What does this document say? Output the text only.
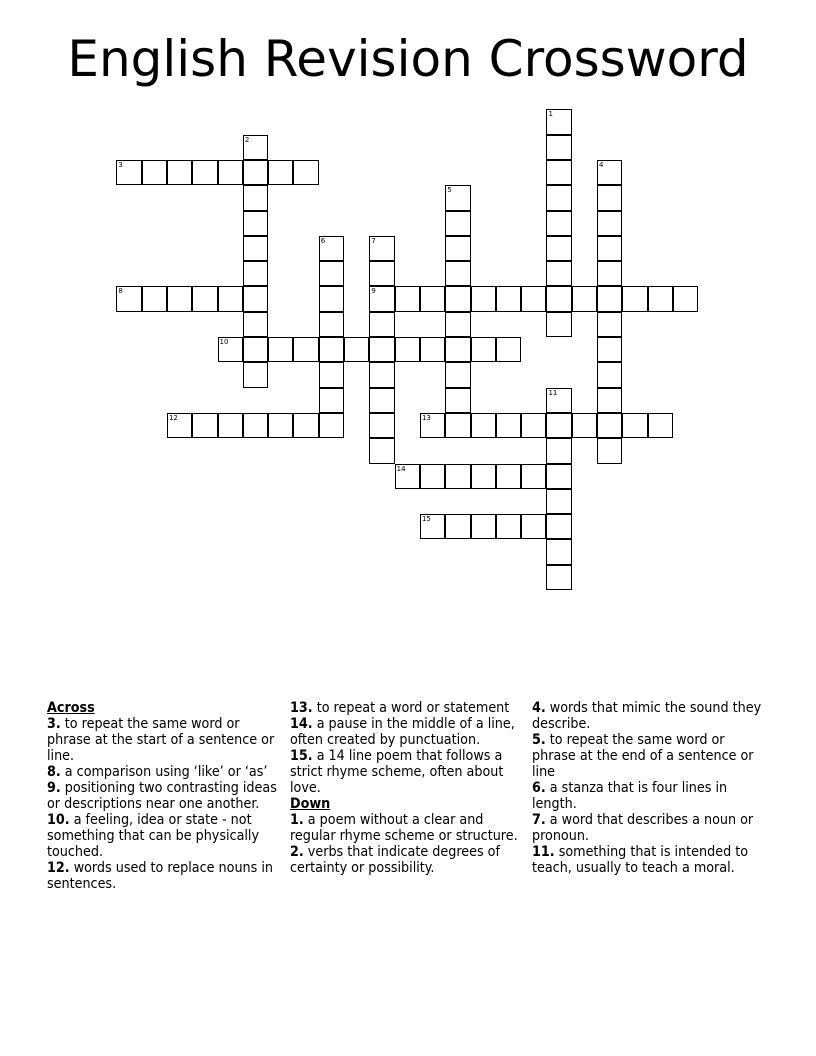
English Revision Crossword
1
2
3	4
5
6	7
9
8
10
11
12	13
14
15
Across

3. to repeat the same word or phrase at the start of a sentence or line.

8. a comparison using ‘like’ or ‘as’

9. positioning two contrasting ideas or descriptions near one another.

10. a feeling, idea or state - not something that can be physically touched.

12. words used to replace nouns in sentences.

13. to repeat a word or statement

14. a pause in the middle of a line, often created by punctuation.

15. a 14 line poem that follows a strict rhyme scheme, often about love.

Down

1. a poem without a clear and regular rhyme scheme or structure.

2. verbs that indicate degrees of certainty or possibility.

4. words that mimic the sound they describe.

5. to repeat the same word or phrase at the end of a sentence or line

6. a stanza that is four lines in length.

7. a word that describes a noun or pronoun.

11. something that is intended to teach, usually to teach a moral.
